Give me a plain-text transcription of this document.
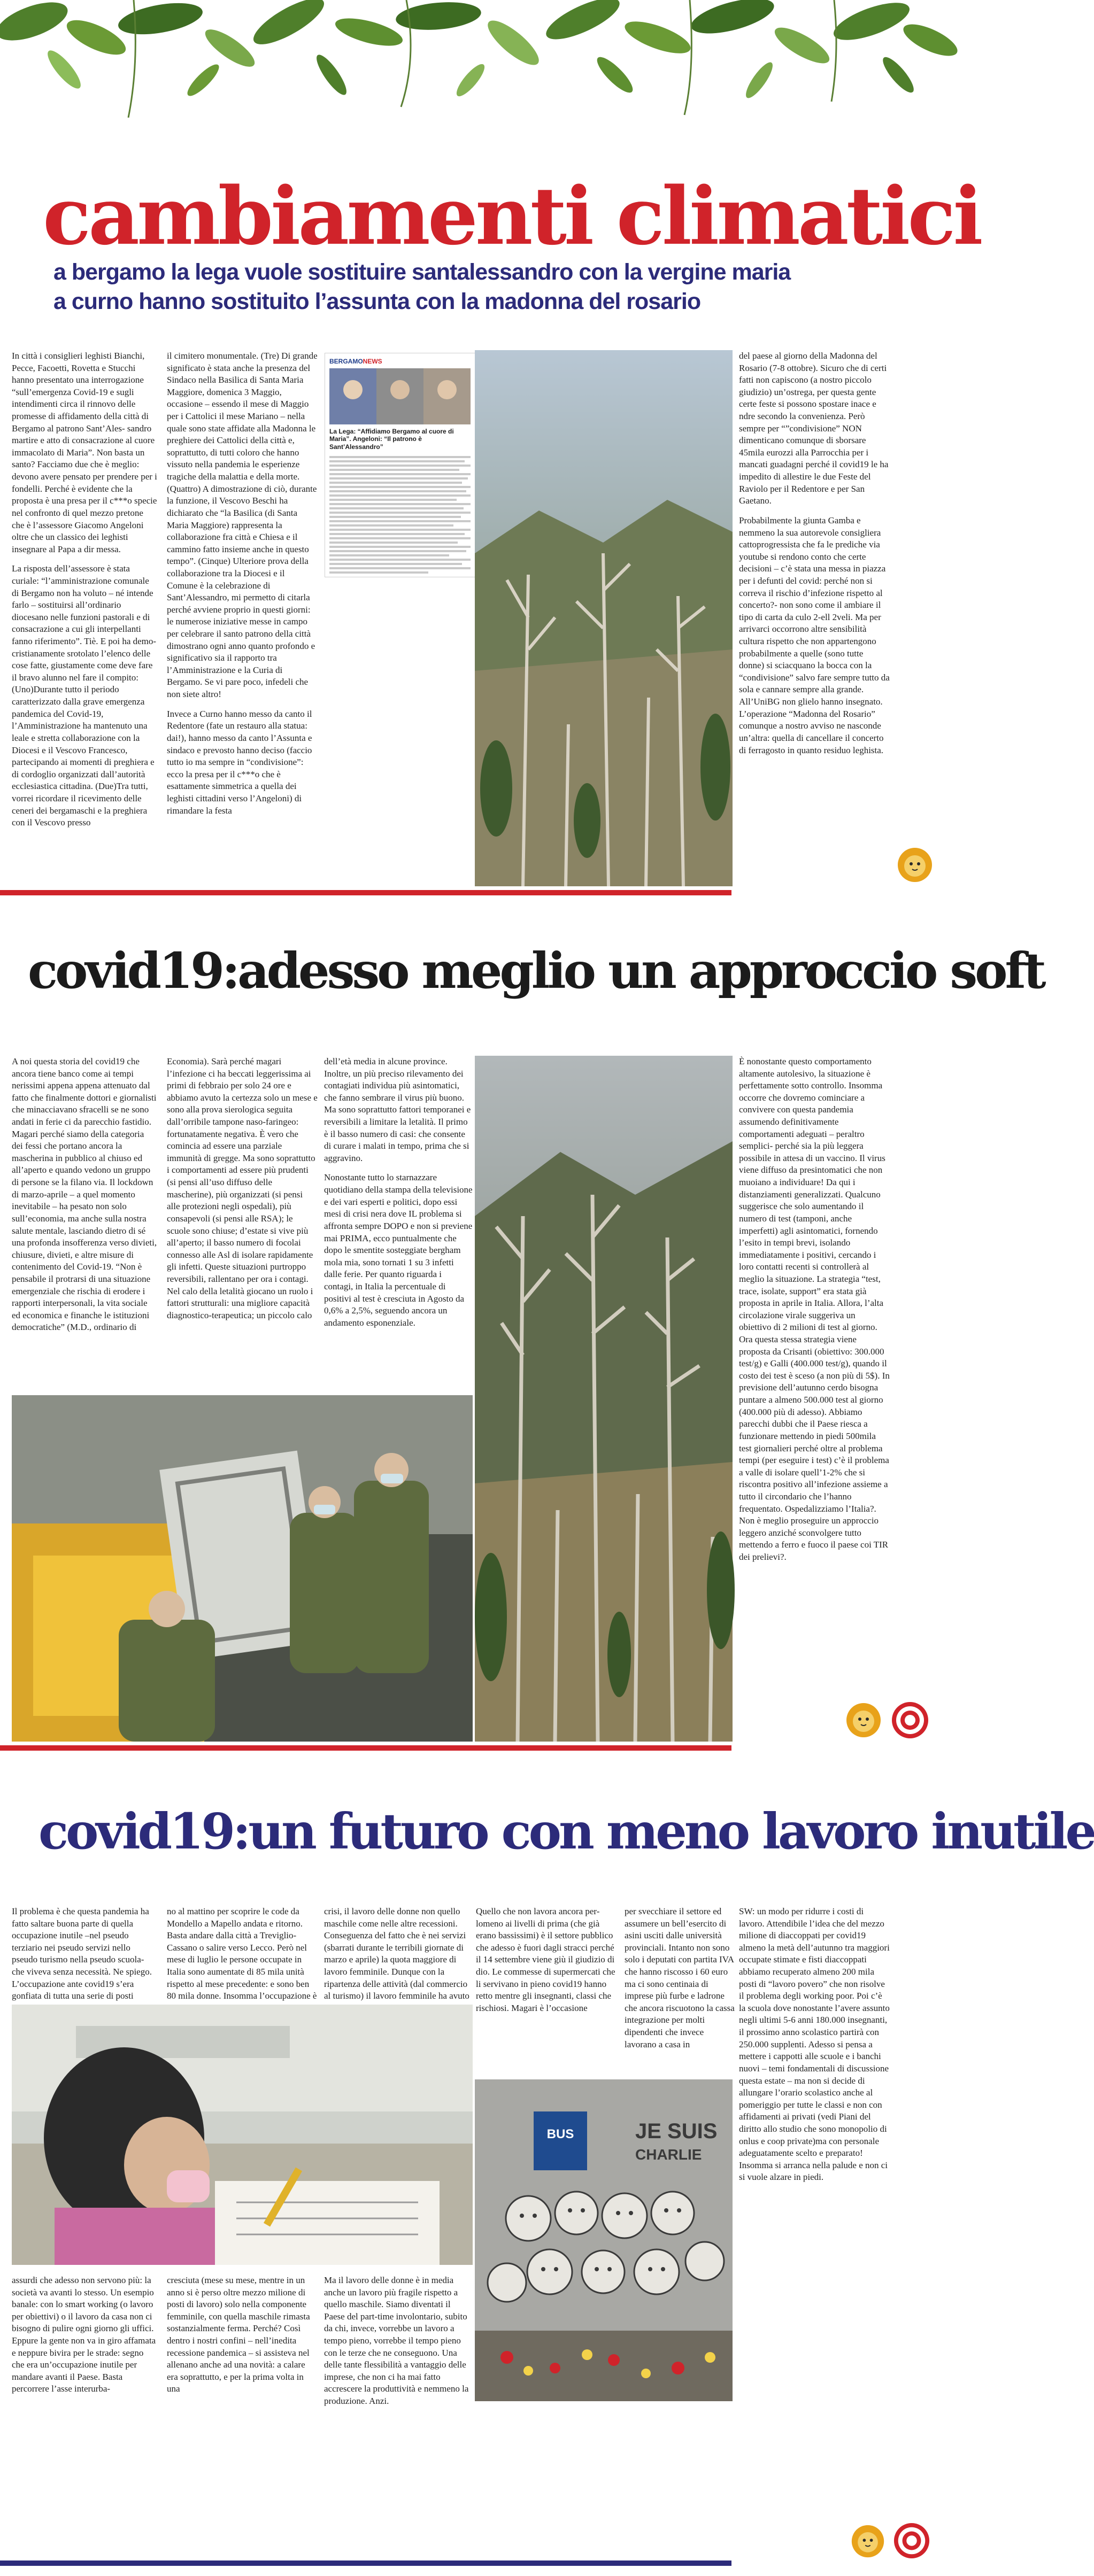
cambiamenti climatici
a bergamo la lega vuole sostituire santalessandro con la vergine maria
a curno hanno sostituito l’assunta con la madonna del rosario

In città i consiglieri leghisti Bianchi, Pecce, Facoetti, Rovetta e Stucchi hanno presentato una interrogazione “sull’emergenza Covid-19 e sugli intendimenti circa il rinnovo delle promesse di affidamento della città di Bergamo al patrono Sant’Ales- sandro martire e atto di consacrazione al cuore immacolato di Maria”. Non basta un santo? Facciamo due che è meglio: devono avere pensato per prendere per i fondelli. Perché è evidente che la proposta è una presa per il c***o specie nel confronto di quel mezzo pretone che è l’assessore Giacomo Angeloni oltre che un classico dei leghisti insegnare al Papa a dir messa.

La risposta dell’assessore è stata curiale: “l’amministrazione comunale di Bergamo non ha voluto – né intende farlo – sostituirsi all’ordinario diocesano nelle funzioni pastorali e di consacrazione a cui gli interpellanti fanno riferimento”. Tiè. E poi ha demo- cristianamente srotolato l’elenco delle cose fatte, giustamente come deve fare il bravo alunno nel fare il compito: (Uno)Durante tutto il periodo caratterizzato dalla grave emergenza pandemica del Covid-19, l’Amministrazione ha mantenuto una leale e stretta collaborazione con la Diocesi e il Vescovo Francesco, partecipando ai momenti di preghiera e di cordoglio organizzati dall’autorità ecclesiastica cittadina. (Due)Tra tutti, vorrei ricordare il ricevimento delle ceneri dei bergamaschi e la preghiera con il Vescovo presso

il cimitero monumentale. (Tre) Di grande significato è stata anche la presenza del Sindaco nella Basilica di Santa Maria Maggiore, domenica 3 Maggio, occasione – essendo il mese di Maggio per i Cattolici il mese Mariano – nella quale sono state affidate alla Madonna le preghiere dei Cattolici della città e, soprattutto, di tutti coloro che hanno vissuto nella pandemia le esperienze tragiche della malattia e della morte. (Quattro) A dimostrazione di ciò, durante la funzione, il Vescovo Beschi ha dichiarato che “la Basilica (di Santa Maria Maggiore) rappresenta la collaborazione fra città e Chiesa e il cammino fatto insieme anche in questo tempo”. (Cinque) Ulteriore prova della collaborazione tra la Diocesi e il Comune è la celebrazione di Sant’Alessandro, mi permetto di citarla perché avviene proprio in questi giorni: le numerose iniziative messe in campo per celebrare il santo patrono della città dimostrano ogni anno quanto profondo e significativo sia il rapporto tra l’Amministrazione e la Curia di Bergamo. Se vi pare poco, infedeli che non siete altro!

Invece a Curno hanno messo da canto il Redentore (fate un restauro alla statua: dai!), hanno messo da canto l’Assunta e sindaco e prevosto hanno deciso (faccio tutto io ma sempre in “condivisione”: ecco la presa per il c***o che è esattamente simmetrica a quella dei leghisti cittadini verso l’Angeloni) di rimandare la festa

BERGAMONEWS
La Lega: “Affidiamo Bergamo al cuore di Maria”. Angeloni: “Il patrono è Sant’Alessandro”

del paese al giorno della Madonna del Rosario (7-8 ottobre). Sicuro che di certi fatti non capiscono (a nostro piccolo giudizio) un’ostrega, per questa gente certe feste si possono spostare inace e ndre secondo la convenienza. Però sempre per “”condivisione” NON dimenticano comunque di sborsare 45mila eurozzi alla Parrocchia per i mancati guadagni perché il covid19 le ha impedito di allestire le due Feste del Raviolo per il Redentore e per San Gaetano.

Probabilmente la giunta Gamba e nemmeno la sua autorevole consigliera cattoprogressista che fa le prediche via youtube si rendono conto che certe decisioni – c’è stata una messa in piazza per i defunti del covid: perché non si correva il rischio d’infezione rispetto al concerto?- non sono come il ambiare il tipo di carta da culo 2-ell 2veli. Ma per arrivarci occorrono altre sensibilità cultura rispetto che non appartengono probabilmente a quelle (sono tutte donne) si sciacquano la bocca con la “condivisione” salvo fare sempre tutto da sola e cannare sempre alla grande. All’UniBG non glielo hanno insegnato. L’operazione “Madonna del Rosario” comunque a nostro avviso ne nasconde un’altra: quella di cancellare il concerto di ferragosto in quanto residuo leghista.

covid19:adesso meglio un approccio soft

A noi questa storia del covid19 che ancora tiene banco come ai tempi nerissimi appena appena attenuato dal fatto che finalmente dottori e giornalisti che minacciavano sfracelli se ne sono andati in ferie ci da parecchio fastidio. Magari perché siamo della categoria dei fessi che portano ancora la mascherina in pubblico al chiuso ed all’aperto e quando vedono un gruppo di persone se la filano via. Il lockdown di marzo-aprile – a quel momento inevitabile – ha pesato non solo sull’economia, ma anche sulla nostra salute mentale, lasciando dietro di sé una profonda insofferenza verso divieti, chiusure, divieti, e altre misure di contenimento del Covid-19. “Non è pensabile il protrarsi di una situazione emergenziale che rischia di erodere i rapporti interpersonali, la vita sociale ed economica e finanche le istituzioni democratiche” (M.D., ordinario di

Economia). Sarà perché magari l’infezione ci ha beccati leggerissima ai primi di febbraio per solo 24 ore e abbiamo avuto la certezza solo un mese e sono alla prova sierologica seguita dall’orribile tampone naso-faringeo: fortunatamente negativa. È vero che comincia ad essere una parziale immunità di gregge. Ma sono soprattutto i comportamenti ad essere più prudenti (si pensi all’uso diffuso delle mascherine), più organizzati (si pensi alle protezioni negli ospedali), più consapevoli (si pensi alle RSA); le scuole sono chiuse; d’estate si vive più all’aperto; il basso numero di focolai connesso alle Asl di isolare rapidamente gli infetti. Queste situazioni purtroppo reversibili, rallentano per ora i contagi. Nel calo della letalità giocano un ruolo i fattori strutturali: una migliore capacità diagnostico-terapeutica; un piccolo calo

dell’età media in alcune province. Inoltre, un più preciso rilevamento dei contagiati individua più asintomatici, che fanno sembrare il virus più buono. Ma sono soprattutto fattori temporanei e reversibili a limitare la letalità. Il primo è il basso numero di casi: che consente di curare i malati in tempo, prima che si aggravino.

Nonostante tutto lo starnazzare quotidiano della stampa della televisione e dei vari esperti e politici, dopo essi mesi di crisi nera dove IL problema si affronta sempre DOPO e non si previene mai PRIMA, ecco puntualmente che dopo le smentite sosteggiate bergham mola mia, sono tornati 1 su 3 infetti dalle ferie. Per quanto riguarda i contagi, in Italia la percentuale di positivi al test è cresciuta in Agosto da 0,6% a 2,5%, seguendo ancora un andamento esponenziale.

È nonostante questo comportamento altamente autolesivo, la situazione è perfettamente sotto controllo. Insomma occorre che dovremo cominciare a convivere con questa pandemia assumendo definitivamente comportamenti adeguati – peraltro semplici- perché sia la più leggera possibile in attesa di un vaccino. Il virus viene diffuso da presintomatici che non muoiano a individuare! Da qui i distanziamenti generalizzati. Qualcuno suggerisce che solo aumentando il numero di test (tamponi, anche imperfetti) agli asintomatici, fornendo l’esito in tempi brevi, isolando immediatamente i positivi, cercando i loro contatti recenti si controllerà al meglio la situazione. La strategia “test, trace, isolate, support” era stata già proposta in aprile in Italia. Allora, l’alta circolazione virale suggeriva un obiettivo di 2 milioni di test al giorno. Ora questa stessa strategia viene proposta da Crisanti (obiettivo: 300.000 test/g) e Galli (400.000 test/g), quando il costo dei test è sceso (a non più di 5$). In previsione dell’autunno cerdo bisogna puntare a almeno 500.000 test al giorno (400.000 più di adesso). Abbiamo parecchi dubbi che il Paese riesca a funzionare mettendo in piedi 500mila test giornalieri perché oltre al problema tempi (per eseguire i test) c’è il problema a valle di isolare quell’1-2% che si riscontra positivo all’infezione assieme a tutto il circondario che l’hanno frequentato. Ospedalizziamo l’Italia?. Non è meglio proseguire un approccio leggero anziché sconvolgere tutto mettendo a ferro e fuoco il paese coi TIR dei prelievi?.

covid19:un futuro con meno lavoro inutile

Il problema è che questa pandemia ha fatto saltare buona parte di quella occupazione inutile –nel pseudo terziario nei pseudo servizi nello pseudo turismo nella pseudo scuola- che viveva senza necessità. Ne spiego. L’occupazione ante covid19 s’era gonfiata di tutta una serie di posti

no al mattino per scoprire le code da Mondello a Mapello andata e ritorno. Basta andare dalla città a Treviglio-Cassano o salire verso Lecco. Però nel mese di luglio le persone occupate in Italia sono aumentate di 85 mila unità rispetto al mese precedente: e sono ben 80 mila donne. Insomma l’occupazione è

crisi, il lavoro delle donne non quello maschile come nelle altre recessioni. Conseguenza del fatto che è nei servizi (sbarrati durante le terribili giornate di marzo e aprile) la quota maggiore di lavoro femminile. Dunque con la ripartenza delle attività (dal commercio al turismo) il lavoro femminile ha avuto

Quello che non lavora ancora per- lomeno ai livelli di prima (che già erano bassissimi) è il settore pubblico che adesso è fuori dagli stracci perché il 14 settembre viene giù il giudizio di dio. Le commesse di supermercati che li servivano in pieno covid19 hanno retto mentre gli insegnanti, classi che rischiosi. Magari è l’occasione

per svecchiare il settore ed assumere un bell’esercito di asini usciti dalle università provinciali. Intanto non sono solo i deputati con partita IVA che hanno riscosso i 60 euro ma ci sono centinaia di imprese più furbe e ladrone che ancora riscuotono la cassa integrazione per molti dipendenti che invece lavorano a casa in

SW: un modo per ridurre i costi di lavoro. Attendibile l’idea che del mezzo milione di diaccoppati per covid19 almeno la metà dell’autunno tra maggiori occupate stimate e fisti diaccoppati abbiamo recuperato almeno 200 mila posti di “lavoro povero” che non risolve il problema degli working poor. Poi c’è la scuola dove nonostante l’avere assunto negli ultimi 5-6 anni 180.000 insegnanti, il prossimo anno scolastico partirà con 250.000 supplenti. Adesso si pensa a mettere i cappotti alle scuole e i banchi nuovi – temi fondamentali di discussione questa estate – ma non si decide di allungare l’orario scolastico anche al pomeriggio per tutte le classi e non con affidamenti ai privati (vedi Piani del diritto allo studio che sono monopolio di onlus e coop private)ma con personale adeguatamente scelto e preparato! Insomma si arranca nella palude e non ci si vuole alzare in piedi.

BUS	JE SUIS
CHARLIE

assurdi che adesso non servono più: la società va avanti lo stesso. Un esempio banale: con lo smart working (o lavoro per obiettivi) o il lavoro da casa non ci bisogno di pulire ogni giorno gli uffici. Eppure la gente non va in giro affamata e neppure bivira per le strade: segno che era un’occupazione inutile per mandare avanti il Paese. Basta percorrere l’asse interurba-

cresciuta (mese su mese, mentre in un anno si è perso oltre mezzo milione di posti di lavoro) solo nella componente femminile, con quella maschile rimasta sostanzialmente ferma. Perché? Così dentro i nostri confini – nell’inedita recessione pandemica – si assisteva nel allenano anche ad una novità: a calare era soprattutto, e per la prima volta in una

Ma il lavoro delle donne è in media anche un lavoro più fragile rispetto a quello maschile. Siamo diventati il Paese del part-time involontario, subito da chi, invece, vorrebbe un lavoro a tempo pieno, vorrebbe il tempo pieno con le terze che ne conseguono. Una delle tante flessibilità a vantaggio delle imprese, che non ci ha mai fatto accrescere la produttività e nemmeno la produzione. Anzi.
